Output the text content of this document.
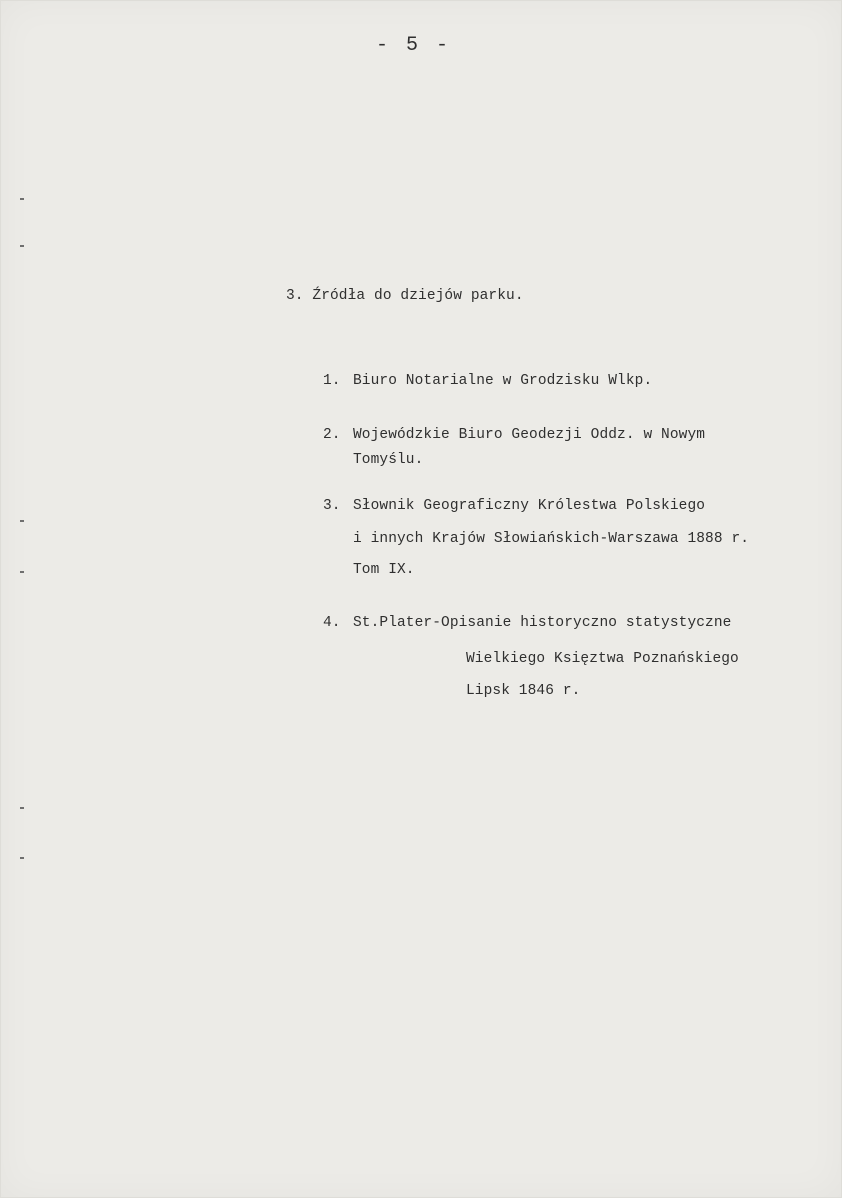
- 5 -
3. Źródła do dziejów parku.
1. Biuro Notarialne w Grodzisku Wlkp.
2. Wojewódzkie Biuro Geodezji Oddz. w Nowym
Tomyślu.
3. Słownik Geograficzny Królestwa Polskiego
i innych Krajów Słowiańskich-Warszawa 1888 r.
Tom IX.
4. St.Plater-Opisanie historyczno statystyczne
Wielkiego Księztwa Poznańskiego
Lipsk 1846 r.
